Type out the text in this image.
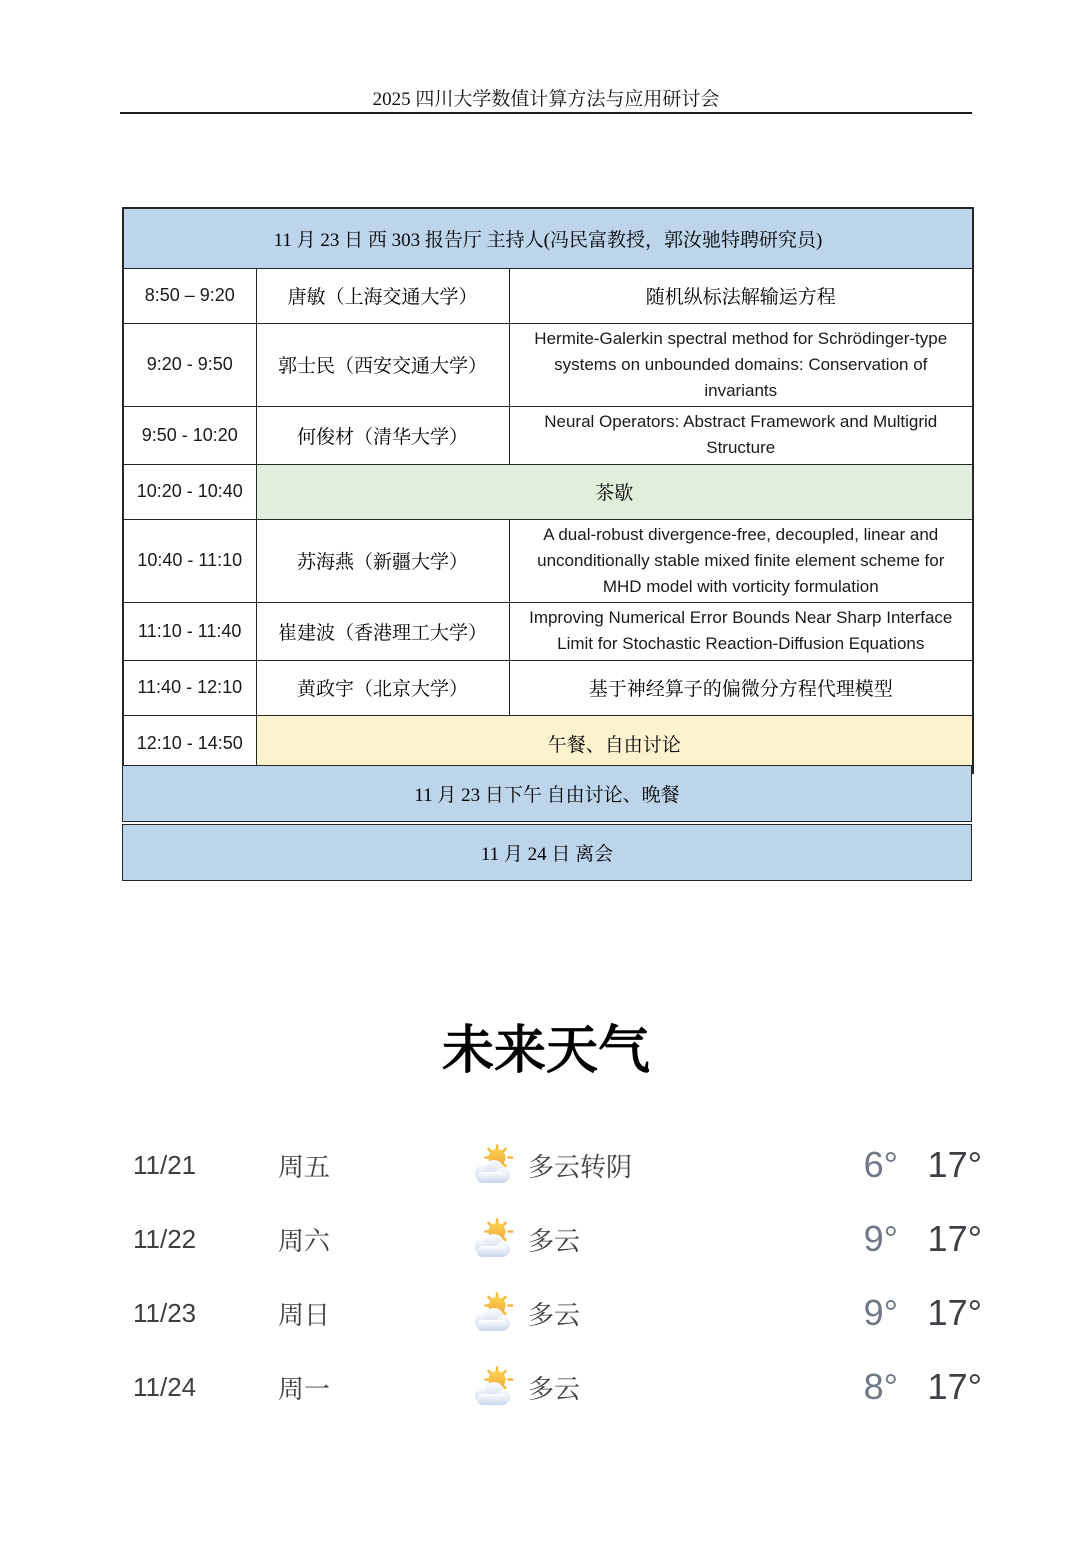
2025 四川大学数值计算方法与应用研讨会
11 月 23 日 西 303 报告厅 主持人(冯民富教授，郭汝驰特聘研究员)		
8:50 – 9:20	唐敏（上海交通大学）	随机纵标法解输运方程
9:20 - 9:50	郭士民（西安交通大学）	Hermite-Galerkin spectral method for Schrödinger-type systems on unbounded domains: Conservation of invariants
9:50 - 10:20	何俊材（清华大学）	Neural Operators: Abstract Framework and Multigrid Structure
10:20 - 10:40	茶歇	
10:40 - 11:10	苏海燕（新疆大学）	A dual-robust divergence-free, decoupled, linear and unconditionally stable mixed finite element scheme for MHD model with vorticity formulation
11:10 - 11:40	崔建波（香港理工大学）	Improving Numerical Error Bounds Near Sharp Interface Limit for Stochastic Reaction-Diffusion Equations
11:40 - 12:10	黄政宇（北京大学）	基于神经算子的偏微分方程代理模型
12:10 - 14:50	午餐、自由讨论	
11 月 23 日下午 自由讨论、晚餐
11 月 24 日 离会
未来天气
11/21	周五	多云转阴	6° 17°
11/22	周六	多云	9° 17°
11/23	周日	多云	9° 17°
11/24	周一	多云	8° 17°
